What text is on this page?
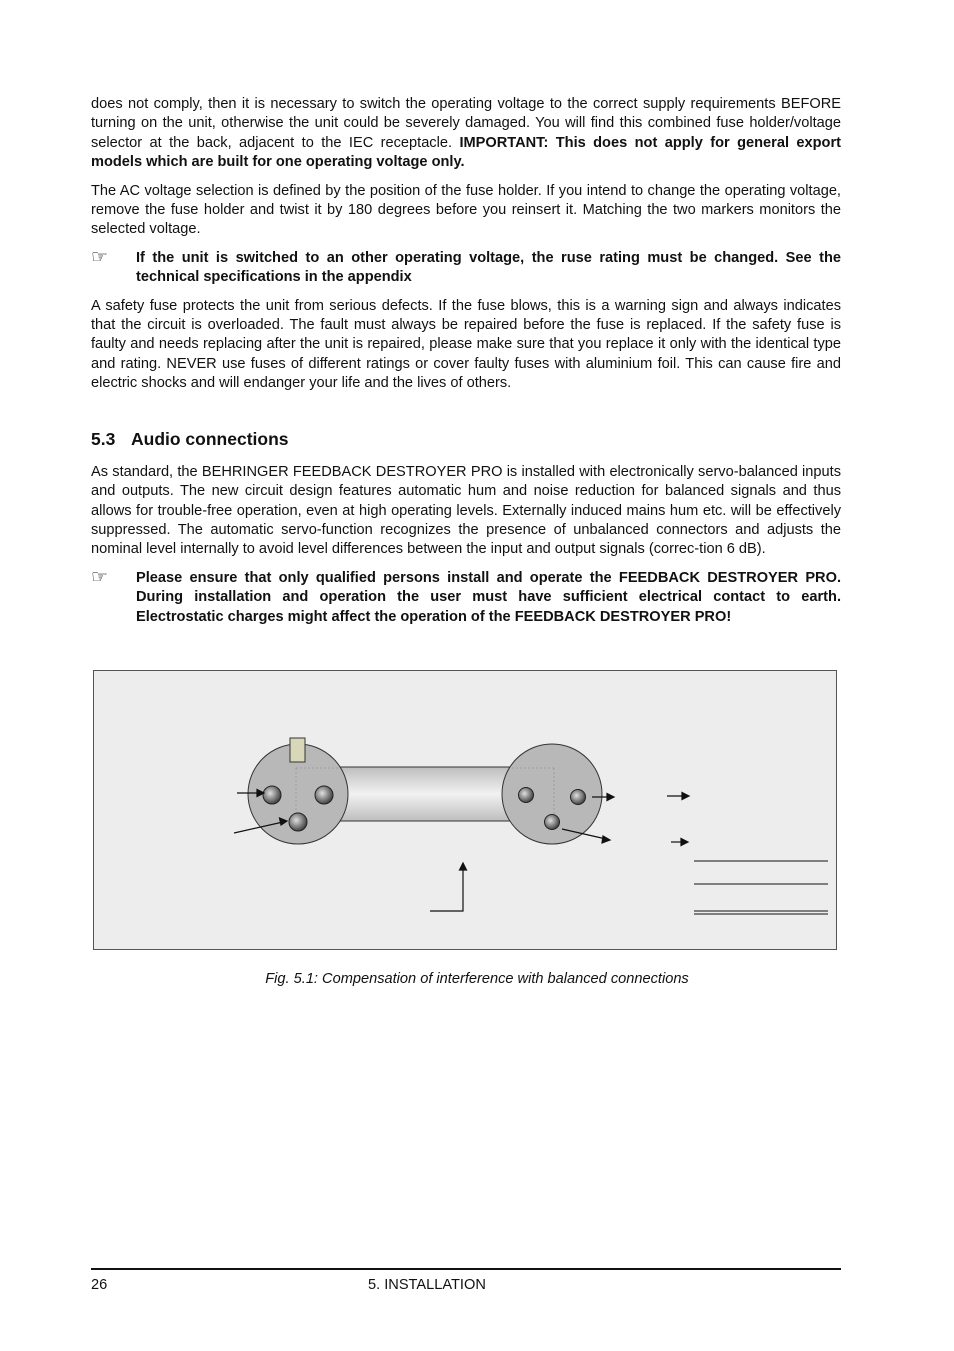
does not comply, then it is necessary to switch the operating voltage to the correct supply requirements BEFORE turning on the unit, otherwise the unit could be severely damaged. You will find this combined fuse holder/voltage selector at the back, adjacent to the IEC receptacle. IMPORTANT: This does not apply for general export models which are built for one operating voltage only.

The AC voltage selection is defined by the position of the fuse holder. If you intend to change the operating voltage, remove the fuse holder and twist it by 180 degrees before you reinsert it. Matching the two markers monitors the selected voltage.

☞	If the unit is switched to an other operating voltage, the ruse rating must be changed. See the technical specifications in the appendix

A safety fuse protects the unit from serious defects. If the fuse blows, this is a warning sign and always indicates that the circuit is overloaded. The fault must always be repaired before the fuse is replaced. If the safety fuse is faulty and needs replacing after the unit is repaired, please make sure that you replace it only with the identical type and rating. NEVER use fuses of different ratings or cover faulty fuses with aluminium foil. This can cause fire and electric shocks and will endanger your life and the lives of others.

5.3 Audio connections

As standard, the BEHRINGER FEEDBACK DESTROYER PRO is installed with electronically servo-balanced inputs and outputs. The new circuit design features automatic hum and noise reduction for balanced signals and thus allows for trouble-free operation, even at high operating levels. Externally induced mains hum etc. will be effectively suppressed. The automatic servo-function recognizes the presence of unbalanced connectors and adjusts the nominal level internally to avoid level differences between the input and output signals (correc-tion 6 dB).

☞	Please ensure that only qualified persons install and operate the FEEDBACK DESTROYER PRO. During installation and operation the user must have sufficient electrical contact to earth. Electrostatic charges might affect the operation of the FEEDBACK DESTROYER PRO!

Fig. 5.1: Compensation of interference with balanced connections
26	5. INSTALLATION
